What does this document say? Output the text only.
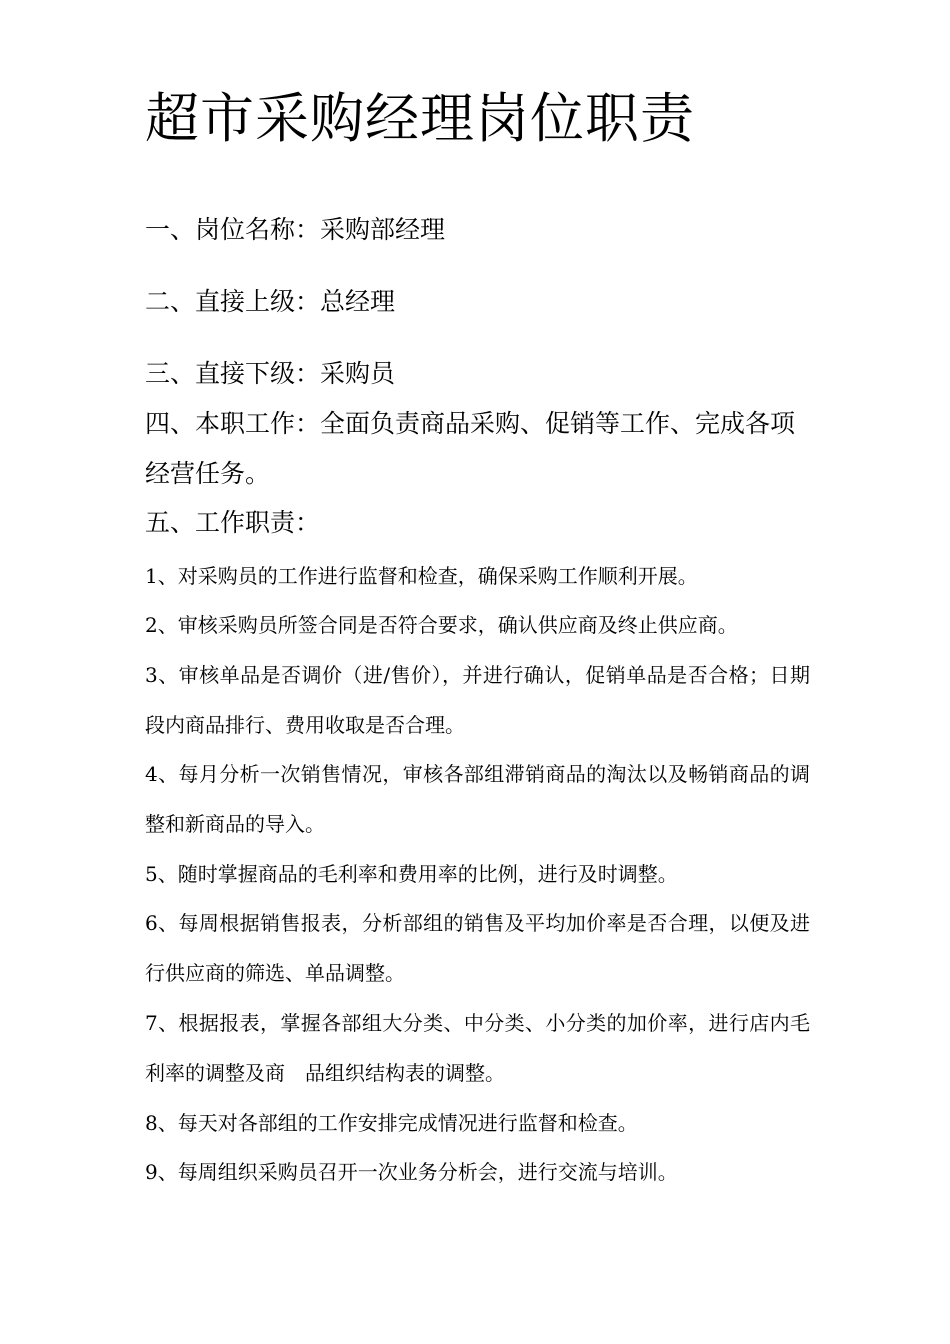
超市采购经理岗位职责
一、岗位名称：采购部经理
二、直接上级：总经理
三、直接下级：采购员
四、本职工作：全面负责商品采购、促销等工作、完成各项经营任务。
五、工作职责：
1、对采购员的工作进行监督和检查，确保采购工作顺利开展。
2、审核采购员所签合同是否符合要求，确认供应商及终止供应商。
3、审核单品是否调价（进/售价），并进行确认，促销单品是否合格；日期段内商品排行、费用收取是否合理。
4、每月分析一次销售情况，审核各部组滞销商品的淘汰以及畅销商品的调整和新商品的导入。
5、随时掌握商品的毛利率和费用率的比例，进行及时调整。
6、每周根据销售报表，分析部组的销售及平均加价率是否合理，以便及进行供应商的筛选、单品调整。
7、根据报表，掌握各部组大分类、中分类、小分类的加价率，进行店内毛利率的调整及商　品组织结构表的调整。
8、每天对各部组的工作安排完成情况进行监督和检查。
9、每周组织采购员召开一次业务分析会，进行交流与培训。
